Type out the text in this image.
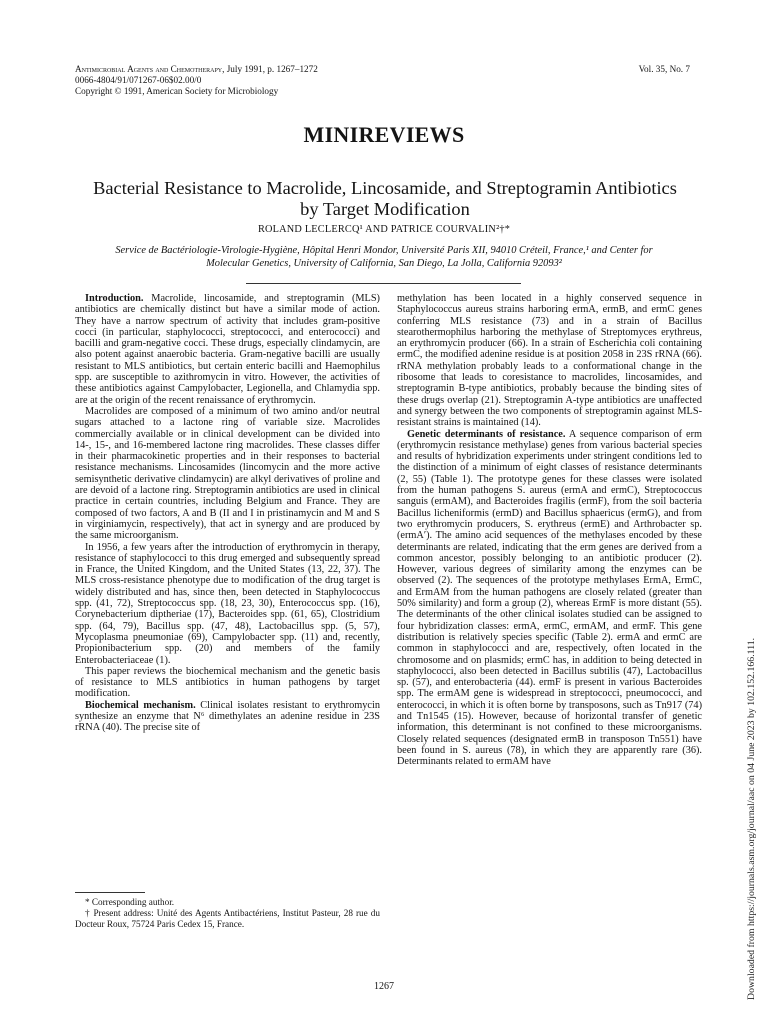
Antimicrobial Agents and Chemotherapy, July 1991, p. 1267–1272
0066-4804/91/071267-06$02.00/0
Copyright © 1991, American Society for Microbiology
Vol. 35, No. 7
MINIREVIEWS
Bacterial Resistance to Macrolide, Lincosamide, and Streptogramin Antibiotics by Target Modification
ROLAND LECLERCQ¹ AND PATRICE COURVALIN²†*
Service de Bactériologie-Virologie-Hygiène, Hôpital Henri Mondor, Université Paris XII, 94010 Créteil, France,¹ and Center for Molecular Genetics, University of California, San Diego, La Jolla, California 92093²

Introduction. Macrolide, lincosamide, and streptogramin (MLS) antibiotics are chemically distinct but have a similar mode of action. They have a narrow spectrum of activity that includes gram-positive cocci (in particular, staphylococci, streptococci, and enterococci) and bacilli and gram-negative cocci. These drugs, especially clindamycin, are also potent against anaerobic bacteria. Gram-negative bacilli are usually resistant to MLS antibiotics, but certain enteric bacilli and Haemophilus spp. are susceptible to azithromycin in vitro. However, the activities of these antibiotics against Campylobacter, Legionella, and Chlamydia spp. are at the origin of the recent renaissance of erythromycin.

Macrolides are composed of a minimum of two amino and/or neutral sugars attached to a lactone ring of variable size. Macrolides commercially available or in clinical development can be divided into 14-, 15-, and 16-membered lactone ring macrolides. These classes differ in their pharmacokinetic properties and in their responses to bacterial resistance mechanisms. Lincosamides (lincomycin and the more active semisynthetic derivative clindamycin) are alkyl derivatives of proline and are devoid of a lactone ring. Streptogramin antibiotics are used in clinical practice in certain countries, including Belgium and France. They are composed of two factors, A and B (II and I in pristinamycin and M and S in virginiamycin, respectively), that act in synergy and are produced by the same microorganism.

In 1956, a few years after the introduction of erythromycin in therapy, resistance of staphylococci to this drug emerged and subsequently spread in France, the United Kingdom, and the United States (13, 22, 37). The MLS cross-resistance phenotype due to modification of the drug target is widely distributed and has, since then, been detected in Staphylococcus spp. (41, 72), Streptococcus spp. (18, 23, 30), Enterococcus spp. (16), Corynebacterium diptheriae (17), Bacteroides spp. (61, 65), Clostridium spp. (64, 79), Bacillus spp. (47, 48), Lactobacillus spp. (5, 57), Mycoplasma pneumoniae (69), Campylobacter spp. (11) and, recently, Propionibacterium spp. (20) and members of the family Enterobacteriaceae (1).

This paper reviews the biochemical mechanism and the genetic basis of resistance to MLS antibiotics in human pathogens by target modification.

Biochemical mechanism. Clinical isolates resistant to erythromycin synthesize an enzyme that N⁶ dimethylates an adenine residue in 23S rRNA (40). The precise site of

methylation has been located in a highly conserved sequence in Staphylococcus aureus strains harboring ermA, ermB, and ermC genes conferring MLS resistance (73) and in a strain of Bacillus stearothermophilus harboring the methylase of Streptomyces erythreus, an erythromycin producer (66). In a strain of Escherichia coli containing ermC, the modified adenine residue is at position 2058 in 23S rRNA (66). rRNA methylation probably leads to a conformational change in the ribosome that leads to coresistance to macrolides, lincosamides, and streptogramin B-type antibiotics, probably because the binding sites of these drugs overlap (21). Streptogramin A-type antibiotics are unaffected and synergy between the two components of streptogramin against MLS-resistant strains is maintained (14).

Genetic determinants of resistance. A sequence comparison of erm (erythromycin resistance methylase) genes from various bacterial species and results of hybridization experiments under stringent conditions led to the distinction of a minimum of eight classes of resistance determinants (2, 55) (Table 1). The prototype genes for these classes were isolated from the human pathogens S. aureus (ermA and ermC), Streptococcus sanguis (ermAM), and Bacteroides fragilis (ermF), from the soil bacteria Bacillus licheniformis (ermD) and Bacillus sphaericus (ermG), and from two erythromycin producers, S. erythreus (ermE) and Arthrobacter sp. (ermA′). The amino acid sequences of the methylases encoded by these determinants are related, indicating that the erm genes are derived from a common ancestor, possibly belonging to an antibiotic producer (2). However, various degrees of similarity among the enzymes can be observed (2). The sequences of the prototype methylases ErmA, ErmC, and ErmAM from the human pathogens are closely related (greater than 50% similarity) and form a group (2), whereas ErmF is more distant (55). The determinants of the other clinical isolates studied can be assigned to four hybridization classes: ermA, ermC, ermAM, and ermF. This gene distribution is relatively species specific (Table 2). ermA and ermC are common in staphylococci and are, respectively, often located in the chromosome and on plasmids; ermC has, in addition to being detected in staphylococci, also been detected in Bacillus subtilis (47), Lactobacillus sp. (57), and enterobacteria (44). ermF is present in various Bacteroides spp. The ermAM gene is widespread in streptococci, pneumococci, and enterococci, in which it is often borne by transposons, such as Tn917 (74) and Tn1545 (15). However, because of horizontal transfer of genetic information, this determinant is not confined to these microorganisms. Closely related sequences (designated ermB in transposon Tn551) have been found in S. aureus (78), in which they are apparently rare (36). Determinants related to ermAM have

* Corresponding author.

† Present address: Unité des Agents Antibactériens, Institut Pasteur, 28 rue du Docteur Roux, 75724 Paris Cedex 15, France.

1267	Downloaded from https://journals.asm.org/journal/aac on 04 June 2023 by 102.152.166.111.
